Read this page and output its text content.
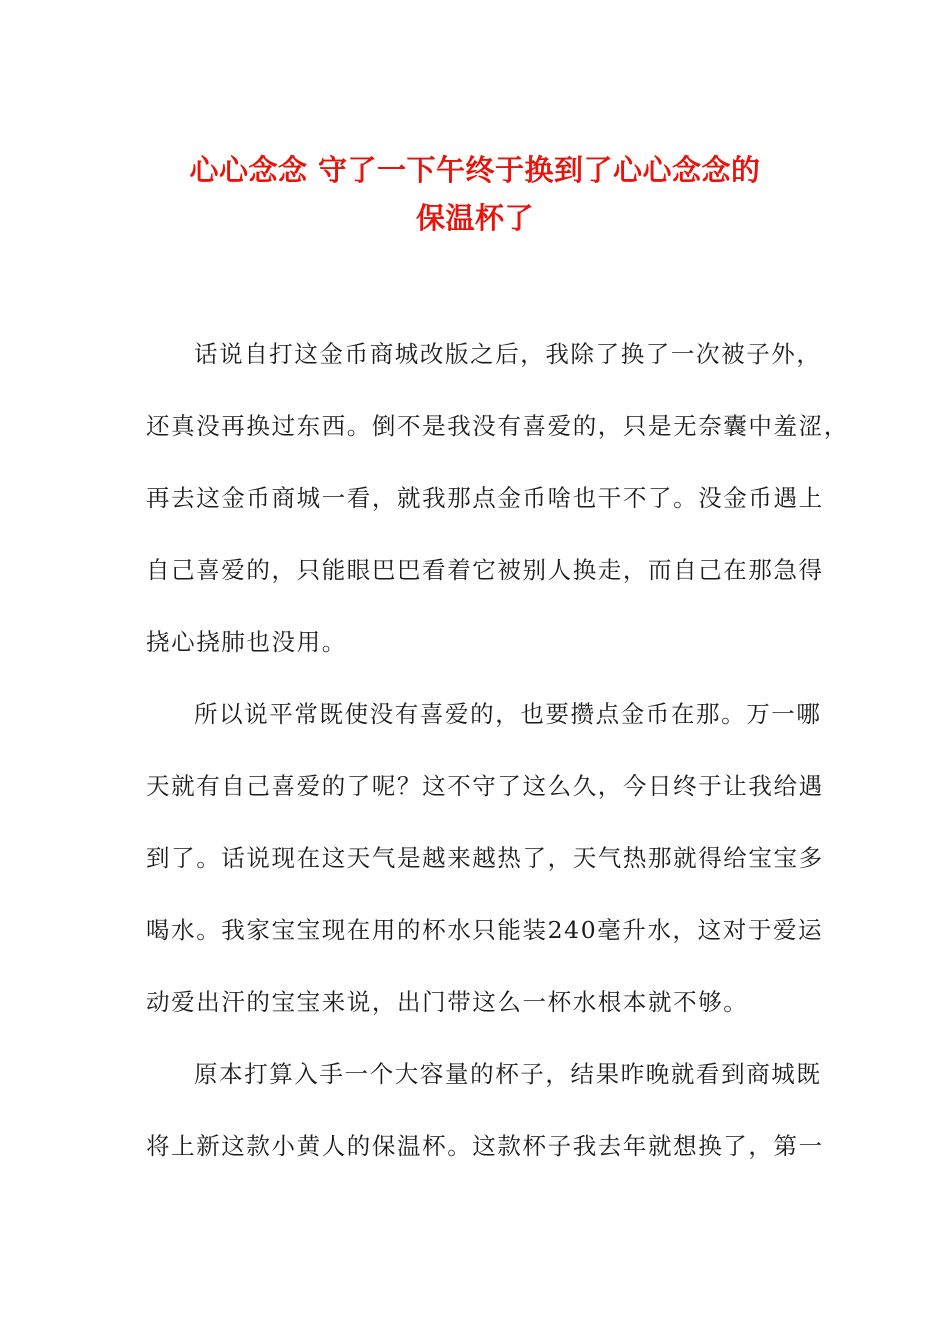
心心念念 守了一下午终于换到了心心念念的
保温杯了
话说自打这金币商城改版之后，我除了换了一次被子外，
还真没再换过东西。倒不是我没有喜爱的，只是无奈囊中羞涩，
再去这金币商城一看，就我那点金币啥也干不了。没金币遇上
自己喜爱的，只能眼巴巴看着它被别人换走，而自己在那急得
挠心挠肺也没用。
所以说平常既使没有喜爱的，也要攒点金币在那。万一哪
天就有自己喜爱的了呢？这不守了这么久，今日终于让我给遇
到了。话说现在这天气是越来越热了，天气热那就得给宝宝多
喝水。我家宝宝现在用的杯水只能装240毫升水，这对于爱运
动爱出汗的宝宝来说，出门带这么一杯水根本就不够。
原本打算入手一个大容量的杯子，结果昨晚就看到商城既
将上新这款小黄人的保温杯。这款杯子我去年就想换了，第一
